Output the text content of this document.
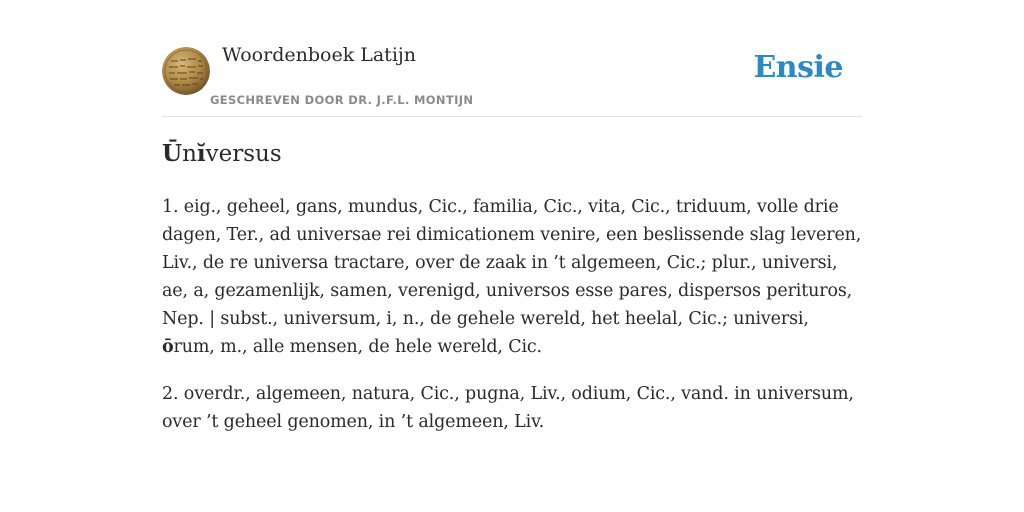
Woordenboek Latijn
GESCHREVEN DOOR DR. J.F.L. MONTIJN
Ensie
Ūnĭversus

1. eig., geheel, gans, mundus, Cic., familia, Cic., vita, Cic., triduum, volle drie dagen, Ter., ad universae rei dimicationem venire, een beslissende slag leveren, Liv., de re universa tractare, over de zaak in ’t algemeen, Cic.; plur., universi, ae, a, gezamenlijk, samen, verenigd, universos esse pares, dispersos perituros, Nep. | subst., universum, i, n., de gehele wereld, het heelal, Cic.; universi, ōrum, m., alle mensen, de hele wereld, Cic.

2. overdr., algemeen, natura, Cic., pugna, Liv., odium, Cic., vand. in universum, over ’t geheel genomen, in ’t algemeen, Liv.
